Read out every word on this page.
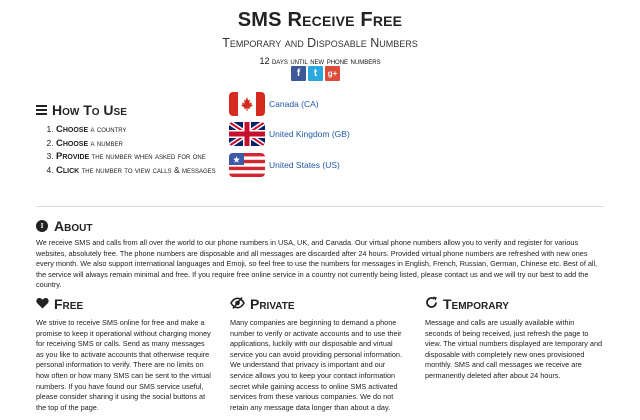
SMS Receive Free
Temporary and Disposable Numbers
12 days until new phone numbers
f	t	g+
How To Use
1. Choose a country
2. Choose a number
3. Provide the number when asked for one
4. Click the number to view calls & messages
Canada (CA)
United Kingdom (GB)
United States (US)
i About

We receive SMS and calls from all over the world to our phone numbers in USA, UK, and Canada. Our virtual phone numbers allow you to verify and register for various websites, absolutely free. The phone numbers are disposable and all messages are discarded after 24 hours. Provided virtual phone numbers are refreshed with new ones every month. We also support international languages and Emoji, so feel free to use the numbers for messages in English, French, Russian, German, Chinese etc. Best of all, the service will always remain minimal and free. If you require free online service in a country not currently being listed, please contact us and we will try our best to add the country.

Free

We strive to receive SMS online for free and make a promise to keep it operational without charging money for receiving SMS or calls. Send as many messages as you like to activate accounts that otherwise require personal information to verify. There are no limits on how often or how many SMS can be sent to the virtual numbers. If you have found our SMS service useful, please consider sharing it using the social buttons at the top of the page.

Private

Many companies are beginning to demand a phone number to verify or activate accounts and to use their applications, luckily with our disposable and virtual service you can avoid providing personal information. We understand that privacy is important and our service allows you to keep your contact information secret while gaining access to online SMS activated services from these various companies. We do not retain any message data longer than about a day.

Temporary

Message and calls are usually available within seconds of being received, just refresh the page to view. The virtual numbers displayed are temporary and disposable with completely new ones provisioned monthly. SMS and call messages we receive are permanently deleted after about 24 hours.
